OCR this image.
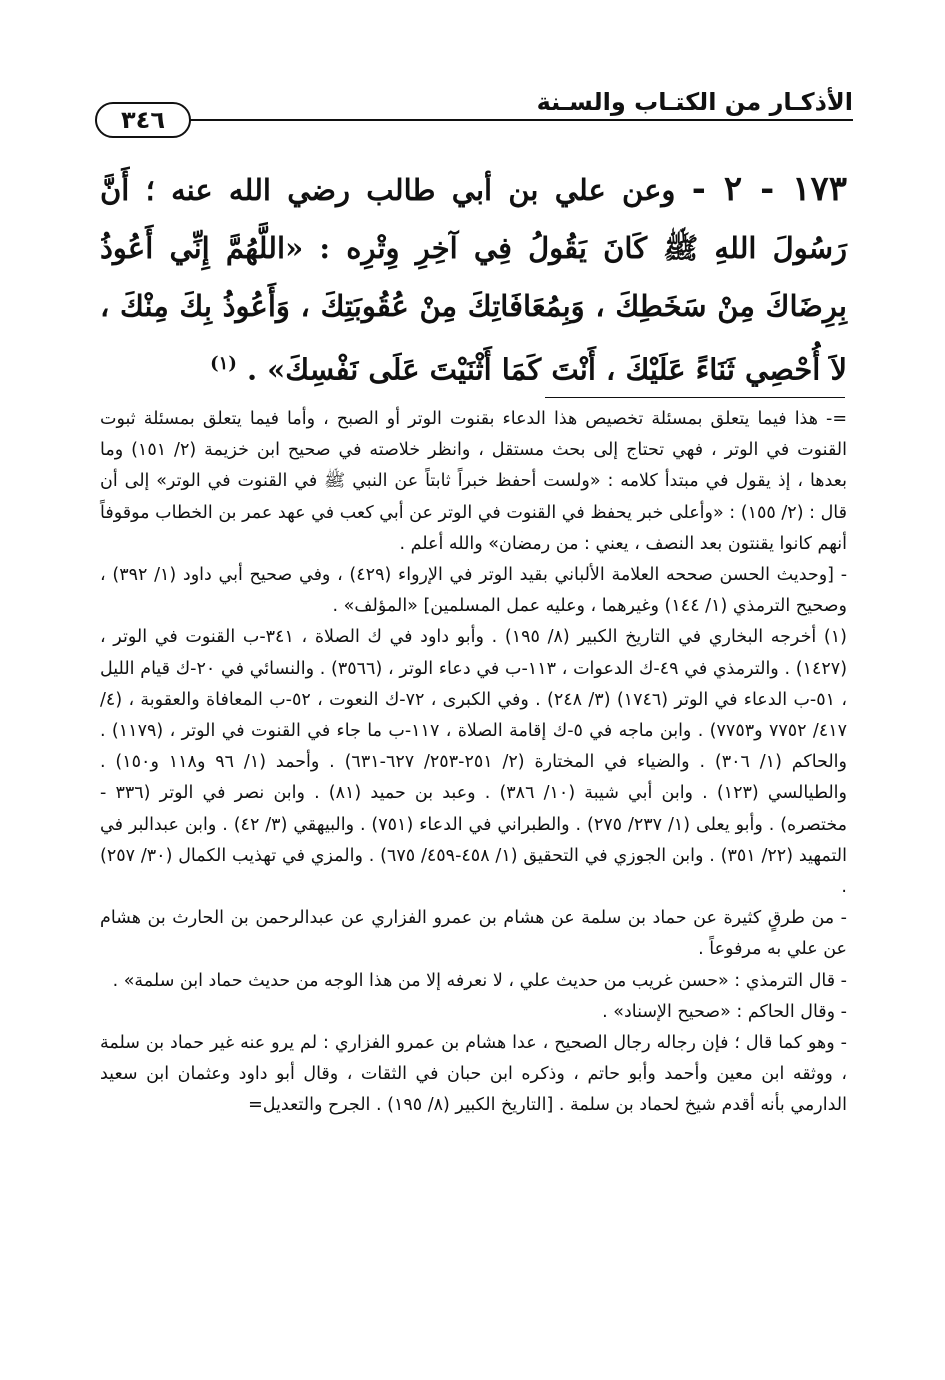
الأذكـار من الكتـاب والسـنة
٣٤٦
١٧٣ - ٢ - وعن علي بن أبي طالب رضي الله عنه ؛ أَنَّ رَسُولَ اللهِ ﷺ كَانَ يَقُولُ فِي آخِرِ وِتْرِه : «اللَّهُمَّ إِنِّي أَعُوذُ بِرِضَاكَ مِنْ سَخَطِكَ ، وَبِمُعَافَاتِكَ مِنْ عُقُوبَتِكَ ، وَأَعُوذُ بِكَ مِنْكَ ، لاَ أُحْصِي ثَنَاءً عَلَيْكَ ، أَنْتَ كَمَا أَثْنَيْتَ عَلَى نَفْسِكَ» . $^{(١)}$

=- هذا فيما يتعلق بمسئلة تخصيص هذا الدعاء بقنوت الوتر أو الصبح ، وأما فيما يتعلق بمسئلة ثبوت القنوت في الوتر ، فهي تحتاج إلى بحث مستقل ، وانظر خلاصته في صحيح ابن خزيمة (٢/ ١٥١) وما بعدها ، إذ يقول في مبتدأ كلامه : «ولست أحفظ خبراً ثابتاً عن النبي ﷺ في القنوت في الوتر» إلى أن قال : (٢/ ١٥٥) : «وأعلى خبر يحفظ في القنوت في الوتر عن أبي كعب في عهد عمر بن الخطاب موقوفاً أنهم كانوا يقنتون بعد النصف ، يعني : من رمضان» والله أعلم .

- [وحديث الحسن صححه العلامة الألباني بقيد الوتر في الإرواء (٤٢٩) ، وفي صحيح أبي داود (١/ ٣٩٢) ، وصحيح الترمذي (١/ ١٤٤) وغيرهما ، وعليه عمل المسلمين] «المؤلف» .

(١) أخرجه البخاري في التاريخ الكبير (٨/ ١٩٥) . وأبو داود في ك الصلاة ، ٣٤١-ب القنوت في الوتر ، (١٤٢٧) . والترمذي في ٤٩-ك الدعوات ، ١١٣-ب في دعاء الوتر ، (٣٥٦٦) . والنسائي في ٢٠-ك قيام الليل ، ٥١-ب الدعاء في الوتر (١٧٤٦) (٣/ ٢٤٨) . وفي الكبرى ، ٧٢-ك النعوت ، ٥٢-ب المعافاة والعقوبة ، (٤/ ٤١٧/ ٧٧٥٢ و٧٧٥٣) . وابن ماجه في ٥-ك إقامة الصلاة ، ١١٧-ب ما جاء في القنوت في الوتر ، (١١٧٩) . والحاكم (١/ ٣٠٦) . والضياء في المختارة (٢/ ٢٥١-٢٥٣/ ٦٢٧-٦٣١) . وأحمد (١/ ٩٦ و١١٨ و١٥٠) . والطيالسي (١٢٣) . وابن أبي شيبة (١٠/ ٣٨٦) . وعبد بن حميد (٨١) . وابن نصر في الوتر (٣٣٦ - مختصره) . وأبو يعلى (١/ ٢٣٧/ ٢٧٥) . والطبراني في الدعاء (٧٥١) . والبيهقي (٣/ ٤٢) . وابن عبدالبر في التمهيد (٢٢/ ٣٥١) . وابن الجوزي في التحقيق (١/ ٤٥٨-٤٥٩/ ٦٧٥) . والمزي في تهذيب الكمال (٣٠/ ٢٥٧) .

- من طرقٍ كثيرة عن حماد بن سلمة عن هشام بن عمرو الفزاري عن عبدالرحمن بن الحارث بن هشام عن علي به مرفوعاً .

- قال الترمذي : «حسن غريب من حديث علي ، لا نعرفه إلا من هذا الوجه من حديث حماد ابن سلمة» .

- وقال الحاكم : «صحيح الإسناد» .

- وهو كما قال ؛ فإن رجاله رجال الصحيح ، عدا هشام بن عمرو الفزاري : لم يرو عنه غير حماد بن سلمة ، ووثقه ابن معين وأحمد وأبو حاتم ، وذكره ابن حبان في الثقات ، وقال أبو داود وعثمان ابن سعيد الدارمي بأنه أقدم شيخ لحماد بن سلمة . [التاريخ الكبير (٨/ ١٩٥) . الجرح والتعديل=
